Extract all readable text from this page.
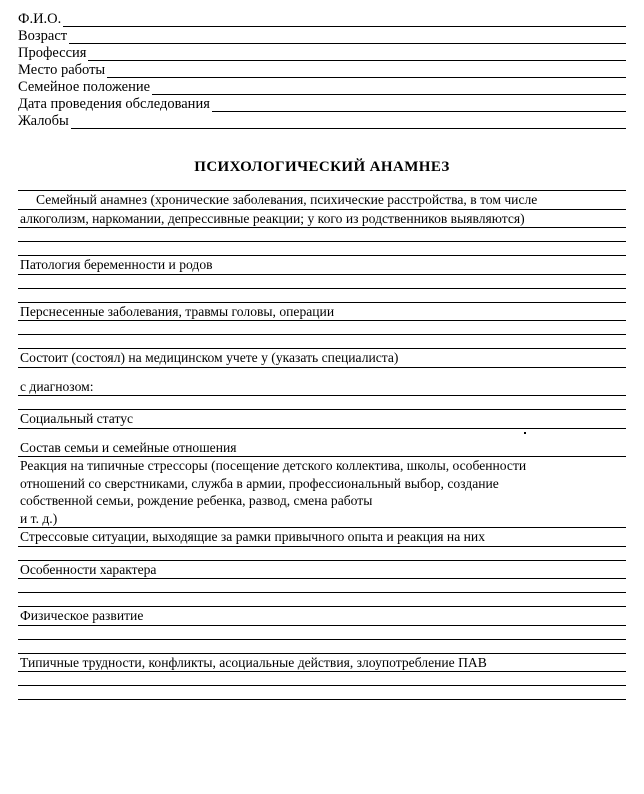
Ф.И.О.
Возраст
Профессия
Место работы
Семейное положение
Дата проведения обследования
Жалобы
ПСИХОЛОГИЧЕСКИЙ АНАМНЕЗ
Семейный анамнез (хронические заболевания, психические расстройства, в том числе
алкоголизм, наркомании, депрессивные реакции; у кого из родственников выявляются)
Патология беременности и родов
Перснесенные заболевания, травмы головы, операции
Состоит (состоял) на медицинском учете у (указать специалиста)
с диагнозом:
Социальный статус
Состав семьи и семейные отношения
Реакция на типичные стрессоры (посещение детского коллектива, школы, особенности
отношений со сверстниками, служба в армии, профессиональный выбор, создание
собственной семьи, рождение ребенка, развод, смена работы
и т. д.)
Стрессовые ситуации, выходящие за рамки привычного опыта и реакция на них
Особенности характера
Физическое развитие
Типичные трудности, конфликты, асоциальные действия, злоупотребление ПАВ
